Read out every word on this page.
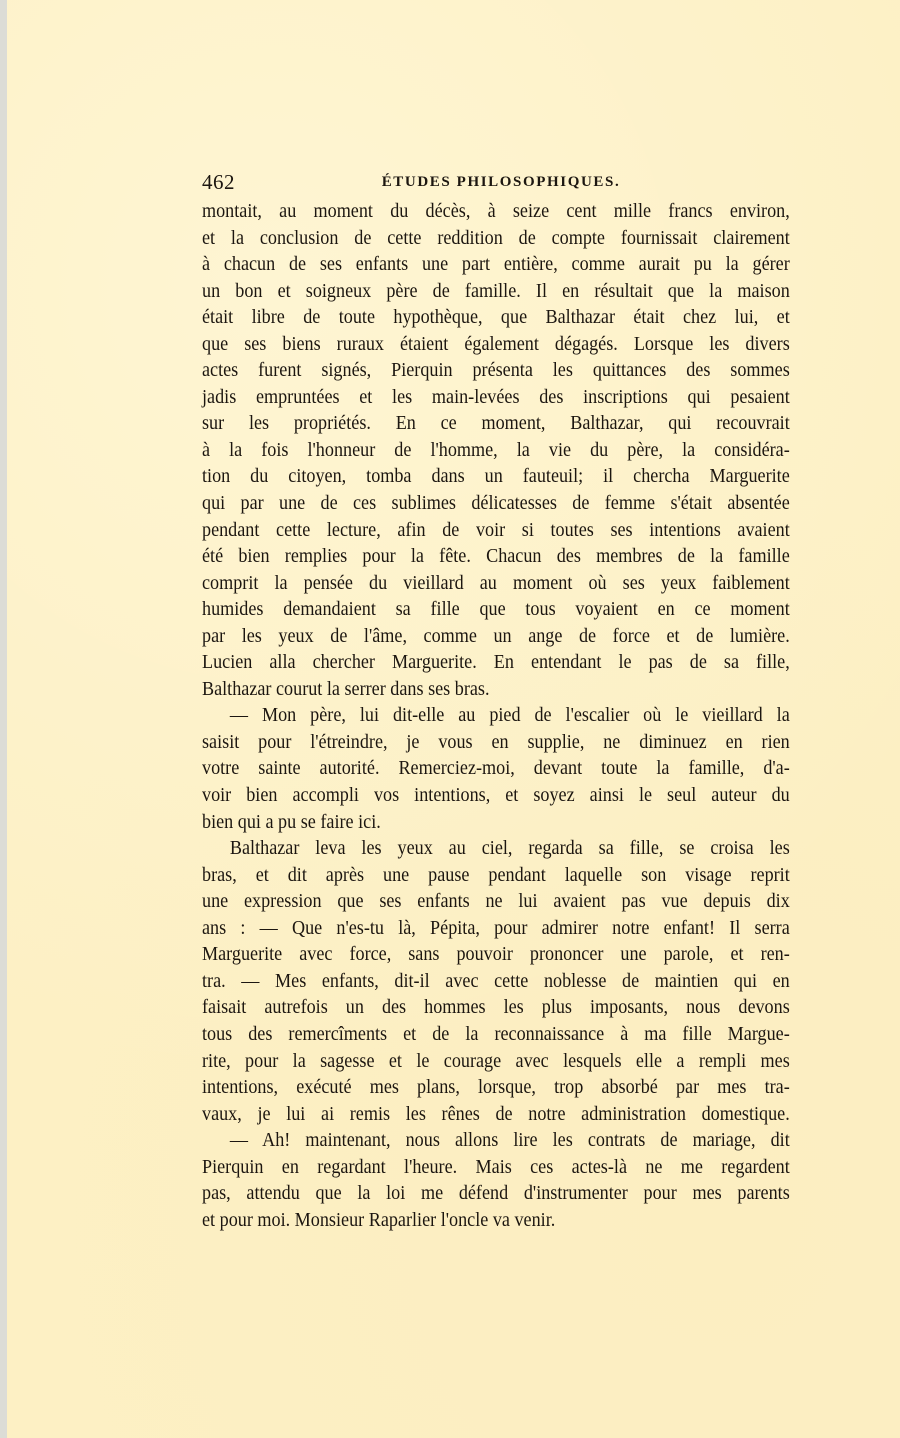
462	ÉTUDES PHILOSOPHIQUES.
montait, au moment du décès, à seize cent mille francs environ,
et la conclusion de cette reddition de compte fournissait clairement
à chacun de ses enfants une part entière, comme aurait pu la gérer
un bon et soigneux père de famille. Il en résultait que la maison
était libre de toute hypothèque, que Balthazar était chez lui, et
que ses biens ruraux étaient également dégagés. Lorsque les divers
actes furent signés, Pierquin présenta les quittances des sommes
jadis empruntées et les main-levées des inscriptions qui pesaient
sur les propriétés. En ce moment, Balthazar, qui recouvrait
à la fois l'honneur de l'homme, la vie du père, la considéra-
tion du citoyen, tomba dans un fauteuil; il chercha Marguerite
qui par une de ces sublimes délicatesses de femme s'était absentée
pendant cette lecture, afin de voir si toutes ses intentions avaient
été bien remplies pour la fête. Chacun des membres de la famille
comprit la pensée du vieillard au moment où ses yeux faiblement
humides demandaient sa fille que tous voyaient en ce moment
par les yeux de l'âme, comme un ange de force et de lumière.
Lucien alla chercher Marguerite. En entendant le pas de sa fille,
Balthazar courut la serrer dans ses bras.
— Mon père, lui dit-elle au pied de l'escalier où le vieillard la
saisit pour l'étreindre, je vous en supplie, ne diminuez en rien
votre sainte autorité. Remerciez-moi, devant toute la famille, d'a-
voir bien accompli vos intentions, et soyez ainsi le seul auteur du
bien qui a pu se faire ici.
Balthazar leva les yeux au ciel, regarda sa fille, se croisa les
bras, et dit après une pause pendant laquelle son visage reprit
une expression que ses enfants ne lui avaient pas vue depuis dix
ans : — Que n'es-tu là, Pépita, pour admirer notre enfant! Il serra
Marguerite avec force, sans pouvoir prononcer une parole, et ren-
tra. — Mes enfants, dit-il avec cette noblesse de maintien qui en
faisait autrefois un des hommes les plus imposants, nous devons
tous des remercîments et de la reconnaissance à ma fille Margue-
rite, pour la sagesse et le courage avec lesquels elle a rempli mes
intentions, exécuté mes plans, lorsque, trop absorbé par mes tra-
vaux, je lui ai remis les rênes de notre administration domestique.
— Ah! maintenant, nous allons lire les contrats de mariage, dit
Pierquin en regardant l'heure. Mais ces actes-là ne me regardent
pas, attendu que la loi me défend d'instrumenter pour mes parents
et pour moi. Monsieur Raparlier l'oncle va venir.
